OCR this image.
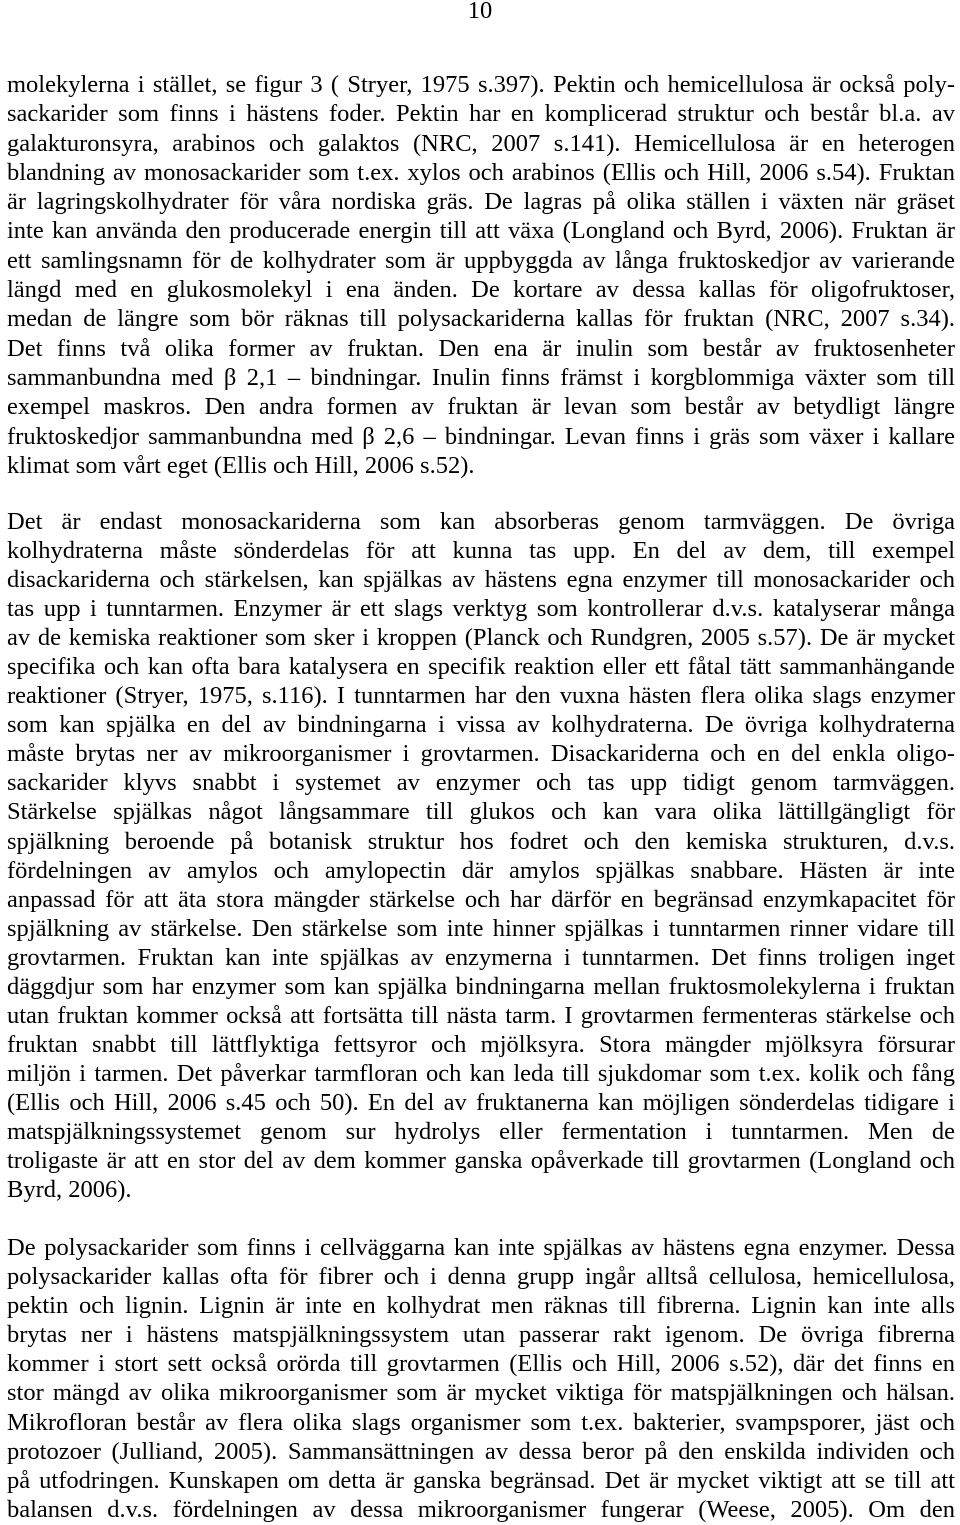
10
molekylerna i stället, se figur 3 ( Stryer, 1975 s.397). Pektin och hemicellulosa är också poly-
sackarider som finns i hästens foder. Pektin har en komplicerad struktur och består bl.a. av
galakturonsyra, arabinos och galaktos (NRC, 2007 s.141). Hemicellulosa är en heterogen
blandning av monosackarider som t.ex. xylos och arabinos (Ellis och Hill, 2006 s.54). Fruktan
är lagringskolhydrater för våra nordiska gräs. De lagras på olika ställen i växten när gräset
inte kan använda den producerade energin till att växa (Longland och Byrd, 2006). Fruktan är
ett samlingsnamn för de kolhydrater som är uppbyggda av långa fruktoskedjor av varierande
längd med en glukosmolekyl i ena änden. De kortare av dessa kallas för oligofruktoser,
medan de längre som bör räknas till polysackariderna kallas för fruktan (NRC, 2007 s.34).
Det finns två olika former av fruktan. Den ena är inulin som består av fruktosenheter
sammanbundna med β 2,1 – bindningar. Inulin finns främst i korgblommiga växter som till
exempel maskros. Den andra formen av fruktan är levan som består av betydligt längre
fruktoskedjor sammanbundna med β 2,6 – bindningar. Levan finns i gräs som växer i kallare
klimat som vårt eget (Ellis och Hill, 2006 s.52).
Det är endast monosackariderna som kan absorberas genom tarmväggen. De övriga
kolhydraterna måste sönderdelas för att kunna tas upp. En del av dem, till exempel
disackariderna och stärkelsen, kan spjälkas av hästens egna enzymer till monosackarider och
tas upp i tunntarmen. Enzymer är ett slags verktyg som kontrollerar d.v.s. katalyserar många
av de kemiska reaktioner som sker i kroppen (Planck och Rundgren, 2005 s.57). De är mycket
specifika och kan ofta bara katalysera en specifik reaktion eller ett fåtal tätt sammanhängande
reaktioner (Stryer, 1975, s.116). I tunntarmen har den vuxna hästen flera olika slags enzymer
som kan spjälka en del av bindningarna i vissa av kolhydraterna. De övriga kolhydraterna
måste brytas ner av mikroorganismer i grovtarmen. Disackariderna och en del enkla oligo-
sackarider klyvs snabbt i systemet av enzymer och tas upp tidigt genom tarmväggen.
Stärkelse spjälkas något långsammare till glukos och kan vara olika lättillgängligt för
spjälkning beroende på botanisk struktur hos fodret och den kemiska strukturen, d.v.s.
fördelningen av amylos och amylopectin där amylos spjälkas snabbare. Hästen är inte
anpassad för att äta stora mängder stärkelse och har därför en begränsad enzymkapacitet för
spjälkning av stärkelse. Den stärkelse som inte hinner spjälkas i tunntarmen rinner vidare till
grovtarmen. Fruktan kan inte spjälkas av enzymerna i tunntarmen. Det finns troligen inget
däggdjur som har enzymer som kan spjälka bindningarna mellan fruktosmolekylerna i fruktan
utan fruktan kommer också att fortsätta till nästa tarm. I grovtarmen fermenteras stärkelse och
fruktan snabbt till lättflyktiga fettsyror och mjölksyra. Stora mängder mjölksyra försurar
miljön i tarmen. Det påverkar tarmfloran och kan leda till sjukdomar som t.ex. kolik och fång
(Ellis och Hill, 2006 s.45 och 50). En del av fruktanerna kan möjligen sönderdelas tidigare i
matspjälkningssystemet genom sur hydrolys eller fermentation i tunntarmen. Men de
troligaste är att en stor del av dem kommer ganska opåverkade till grovtarmen (Longland och
Byrd, 2006).
De polysackarider som finns i cellväggarna kan inte spjälkas av hästens egna enzymer. Dessa
polysackarider kallas ofta för fibrer och i denna grupp ingår alltså cellulosa, hemicellulosa,
pektin och lignin. Lignin är inte en kolhydrat men räknas till fibrerna. Lignin kan inte alls
brytas ner i hästens matspjälkningssystem utan passerar rakt igenom. De övriga fibrerna
kommer i stort sett också orörda till grovtarmen (Ellis och Hill, 2006 s.52), där det finns en
stor mängd av olika mikroorganismer som är mycket viktiga för matspjälkningen och hälsan.
Mikrofloran består av flera olika slags organismer som t.ex. bakterier, svampsporer, jäst och
protozoer (Julliand, 2005). Sammansättningen av dessa beror på den enskilda individen och
på utfodringen. Kunskapen om detta är ganska begränsad. Det är mycket viktigt att se till att
balansen d.v.s. fördelningen av dessa mikroorganismer fungerar (Weese, 2005). Om den
